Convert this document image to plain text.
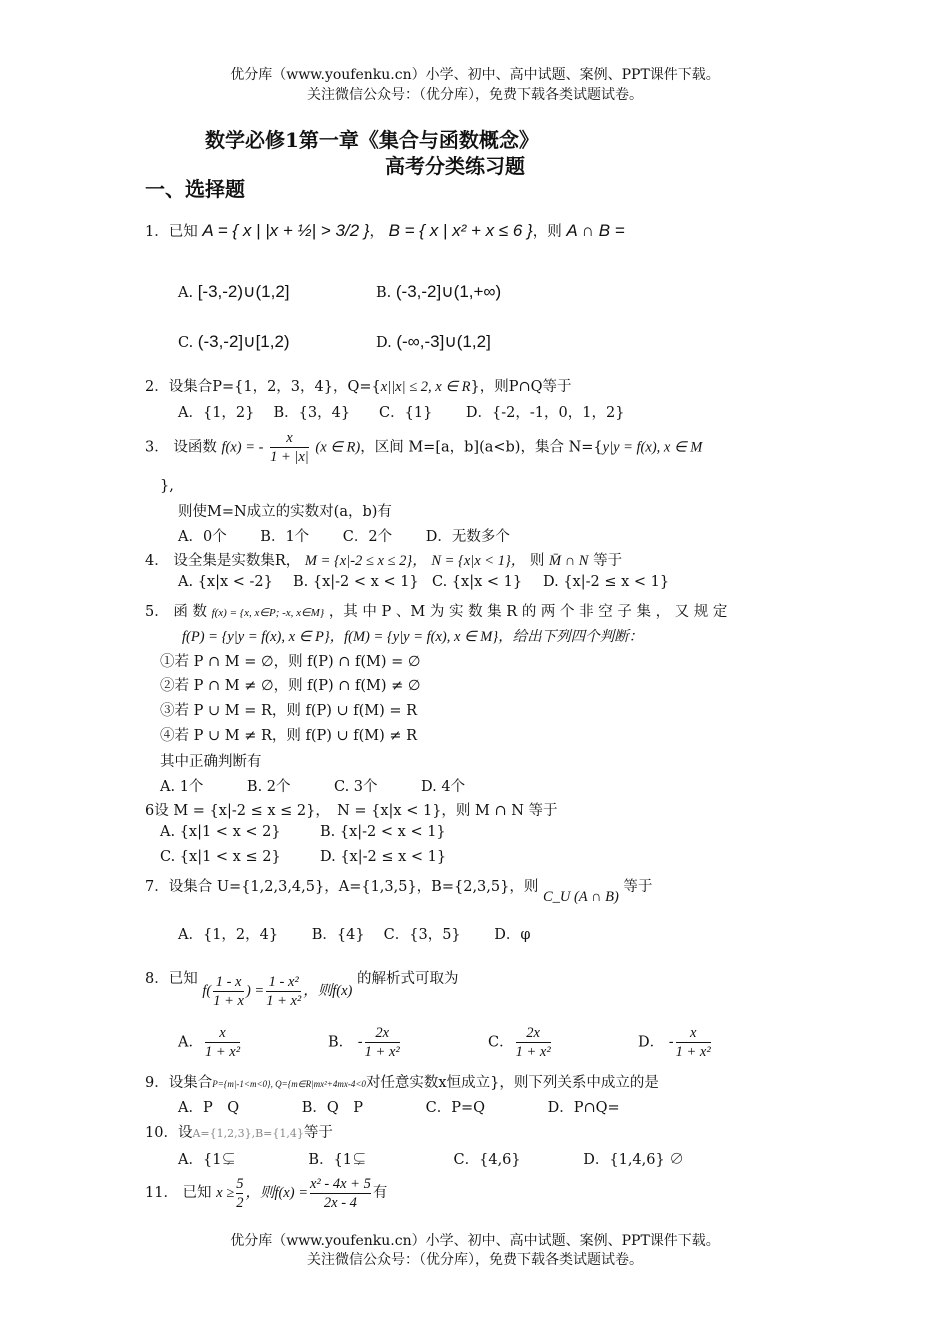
优分库（www.youfenku.cn）小学、初中、高中试题、案例、PPT课件下载。
关注微信公众号：（优分库），免费下载各类试题试卷。
数学必修1第一章《集合与函数概念》
高考分类练习题
一、选择题
1．已知 A = { x | |x + ½| > 3/2 }， B = { x | x² + x ≤ 6 }，则 A ∩ B =
A. [-3,-2)∪(1,2]	B. (-3,-2]∪(1,+∞)
C. (-3,-2]∪[1,2)	D. (-∞,-3]∪(1,2]
2．设集合P={1，2，3，4}，Q={x||x| ≤ 2, x ∈ R}，则P∩Q等于
A．{1，2}　 B．{3，4}　　C．{1}　　 D．{-2，-1，0，1，2}
3． 设函数 f(x) = - $\frac{x}{1 + |x|} (x$ ∈ R)，区间 M=[a，b](a<b)，集合 N={y|y = f(x), x ∈ M
},
则使M=N成立的实数对(a，b)有
A．0个　　 B．1个　　 C．2个　　 D．无数多个
4． 设全集是实数集R， M = {x|-2 ≤ x ≤ 2}， N = {x|x < 1}， 则 M̄ ∩ N 等于
A. {x|x < -2} B. {x|-2 < x < 1} C. {x|x < 1} D. {x|-2 ≤ x < 1}
5． 函 数 f(x) = {x, x∈P; -x, x∈M} ，其 中 P 、M 为 实 数 集 R 的 两 个 非 空 子 集 ， 又 规 定
f(P) = {y|y = f(x), x ∈ P}，f(M) = {y|y = f(x), x ∈ M}，给出下列四个判断：
①若 P ∩ M = ∅，则 f(P) ∩ f(M) = ∅
②若 P ∩ M ≠ ∅，则 f(P) ∩ f(M) ≠ ∅
③若 P ∪ M = R，则 f(P) ∪ f(M) = R
④若 P ∪ M ≠ R，则 f(P) ∪ f(M) ≠ R
其中正确判断有
A. 1个　　　B. 2个　　　C. 3个　　　D. 4个
6设 M = {x|-2 ≤ x ≤ 2}，　N = {x|x < 1}，则 M ∩ N 等于
A. {x|1 < x < 2}	B. {x|-2 < x < 1}
C. {x|1 < x ≤ 2}	D. {x|-2 ≤ x < 1}
7．设集合 U={1,2,3,4,5}，A={1,3,5}，B={2,3,5}，则 C_U (A ∩ B) 等于
A．{1，2，4}　　 B．{4}　 C．{3，5}　　 D．φ
8．已知 $f( \frac{1 - x}{1 + x}$ ) = $\frac{\text{1 - x²}}{\text{1 + x²}}$ ，则f(x) 的解析式可取为
A． $\frac{x}{\text{1 + x²}}$	B． - $\frac{2x}{\text{1 + x²}}$	C． $\frac{2x}{\text{1 + x²}}$	D． - $\frac{x}{\text{1 + x²}}$
9．设集合P={m|-1<m<0}, Q={m∈R|mx²+4mx-4<0对任意实数x恒成立}，则下列关系中成立的是
A．P　Q　　　　 B．Q　P　　　　 C．P=Q　　　　 D．P∩Q=
10．设A={1,2,3},B={1,4}等于
A．{1⊊　　　　　B．{1⊊　　　　　　C．{4,6}　　　　 D．{1,4,6} ∅
11． 已知 $x \ge \frac{5}{2}$ ，则$f(x) = \frac{\text{x² - 4x + 5}}{2x - 4}$ 有
优分库（www.youfenku.cn）小学、初中、高中试题、案例、PPT课件下载。
关注微信公众号：（优分库），免费下载各类试题试卷。
